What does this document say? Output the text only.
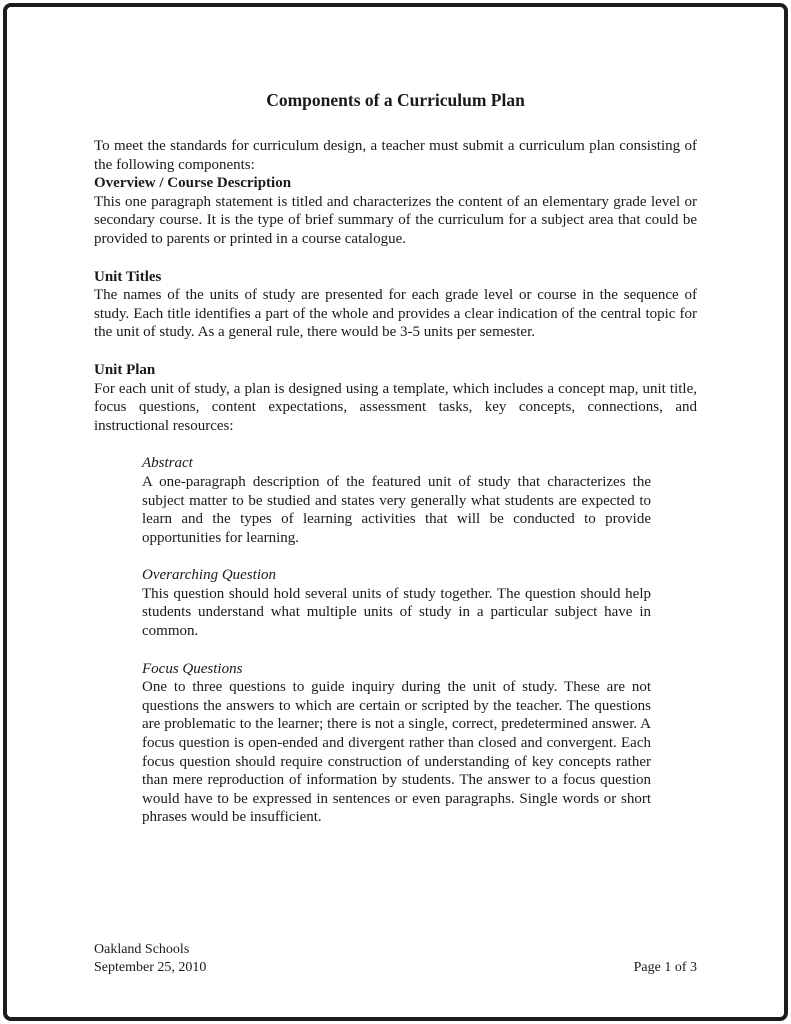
Components of a Curriculum Plan

To meet the standards for curriculum design, a teacher must submit a curriculum plan consisting of the following components:

Overview / Course Description

This one paragraph statement is titled and characterizes the content of an elementary grade level or secondary course. It is the type of brief summary of the curriculum for a subject area that could be provided to parents or printed in a course catalogue.

Unit Titles

The names of the units of study are presented for each grade level or course in the sequence of study. Each title identifies a part of the whole and provides a clear indication of the central topic for the unit of study. As a general rule, there would be 3-5 units per semester.

Unit Plan

For each unit of study, a plan is designed using a template, which includes a concept map, unit title, focus questions, content expectations, assessment tasks, key concepts, connections, and instructional resources:

Abstract

A one-paragraph description of the featured unit of study that characterizes the subject matter to be studied and states very generally what students are expected to learn and the types of learning activities that will be conducted to provide opportunities for learning.

Overarching Question

This question should hold several units of study together. The question should help students understand what multiple units of study in a particular subject have in common.

Focus Questions

One to three questions to guide inquiry during the unit of study. These are not questions the answers to which are certain or scripted by the teacher. The questions are problematic to the learner; there is not a single, correct, predetermined answer. A focus question is open-ended and divergent rather than closed and convergent. Each focus question should require construction of understanding of key concepts rather than mere reproduction of information by students. The answer to a focus question would have to be expressed in sentences or even paragraphs. Single words or short phrases would be insufficient.

Oakland Schools
September 25, 2010	Page 1 of 3
